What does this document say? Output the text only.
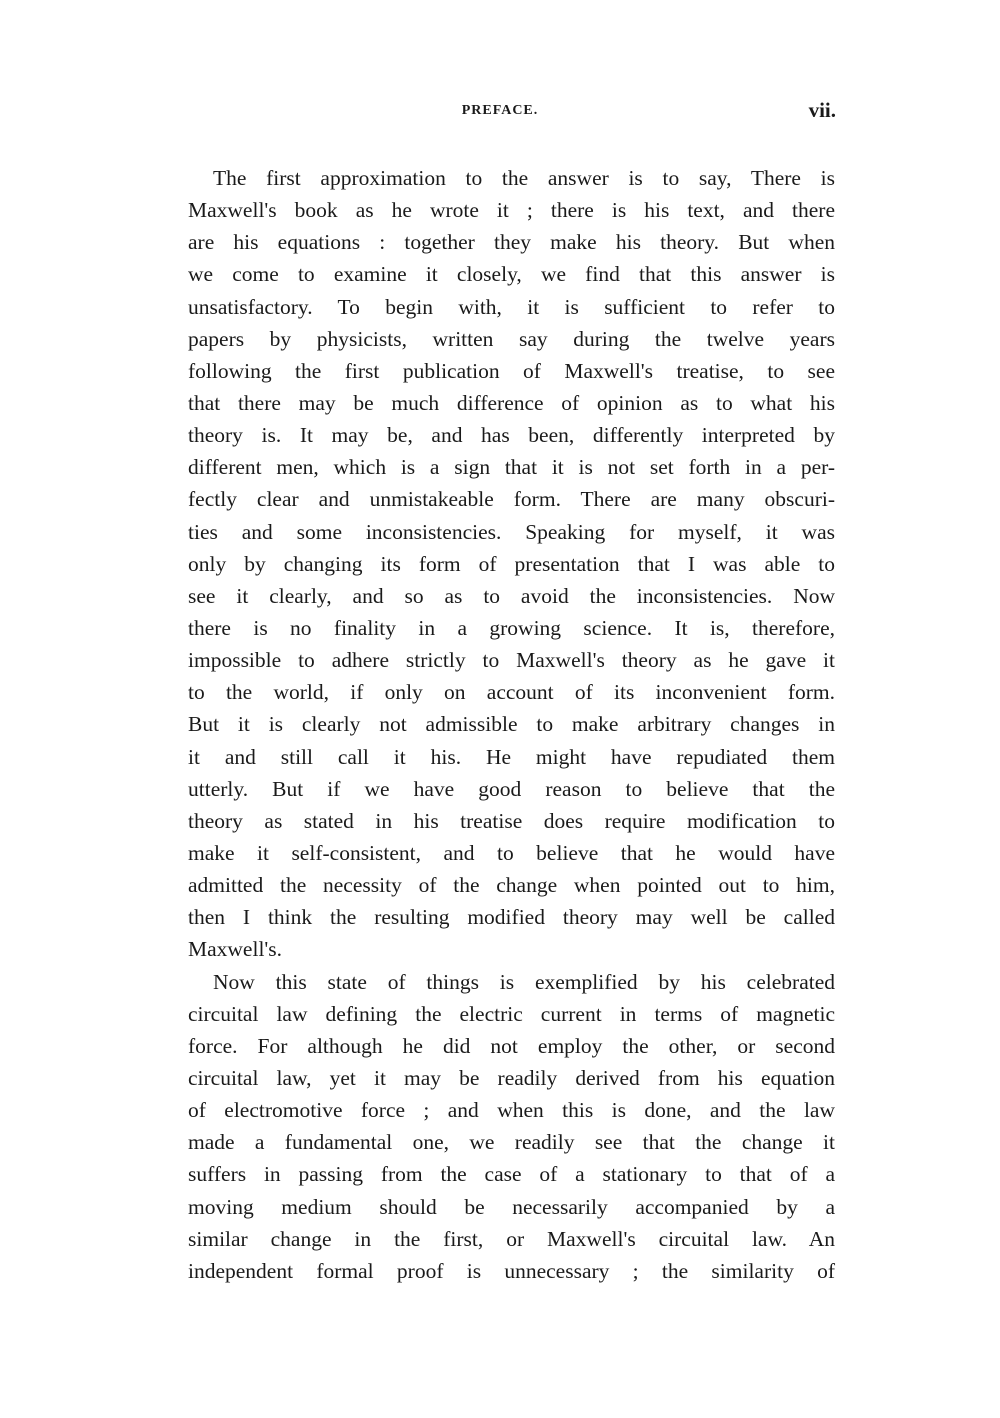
PREFACE.	vii.
The first approximation to the answer is to say, There is
Maxwell's book as he wrote it ; there is his text, and there
are his equations : together they make his theory. But when
we come to examine it closely, we find that this answer is
unsatisfactory. To begin with, it is sufficient to refer to
papers by physicists, written say during the twelve years
following the first publication of Maxwell's treatise, to see
that there may be much difference of opinion as to what his
theory is. It may be, and has been, differently interpreted by
different men, which is a sign that it is not set forth in a per-
fectly clear and unmistakeable form. There are many obscuri-
ties and some inconsistencies. Speaking for myself, it was
only by changing its form of presentation that I was able to
see it clearly, and so as to avoid the inconsistencies. Now
there is no finality in a growing science. It is, therefore,
impossible to adhere strictly to Maxwell's theory as he gave it
to the world, if only on account of its inconvenient form.
But it is clearly not admissible to make arbitrary changes in
it and still call it his. He might have repudiated them
utterly. But if we have good reason to believe that the
theory as stated in his treatise does require modification to
make it self-consistent, and to believe that he would have
admitted the necessity of the change when pointed out to him,
then I think the resulting modified theory may well be called
Maxwell's.
Now this state of things is exemplified by his celebrated
circuital law defining the electric current in terms of magnetic
force. For although he did not employ the other, or second
circuital law, yet it may be readily derived from his equation
of electromotive force ; and when this is done, and the law
made a fundamental one, we readily see that the change it
suffers in passing from the case of a stationary to that of a
moving medium should be necessarily accompanied by a
similar change in the first, or Maxwell's circuital law. An
independent formal proof is unnecessary ; the similarity of
